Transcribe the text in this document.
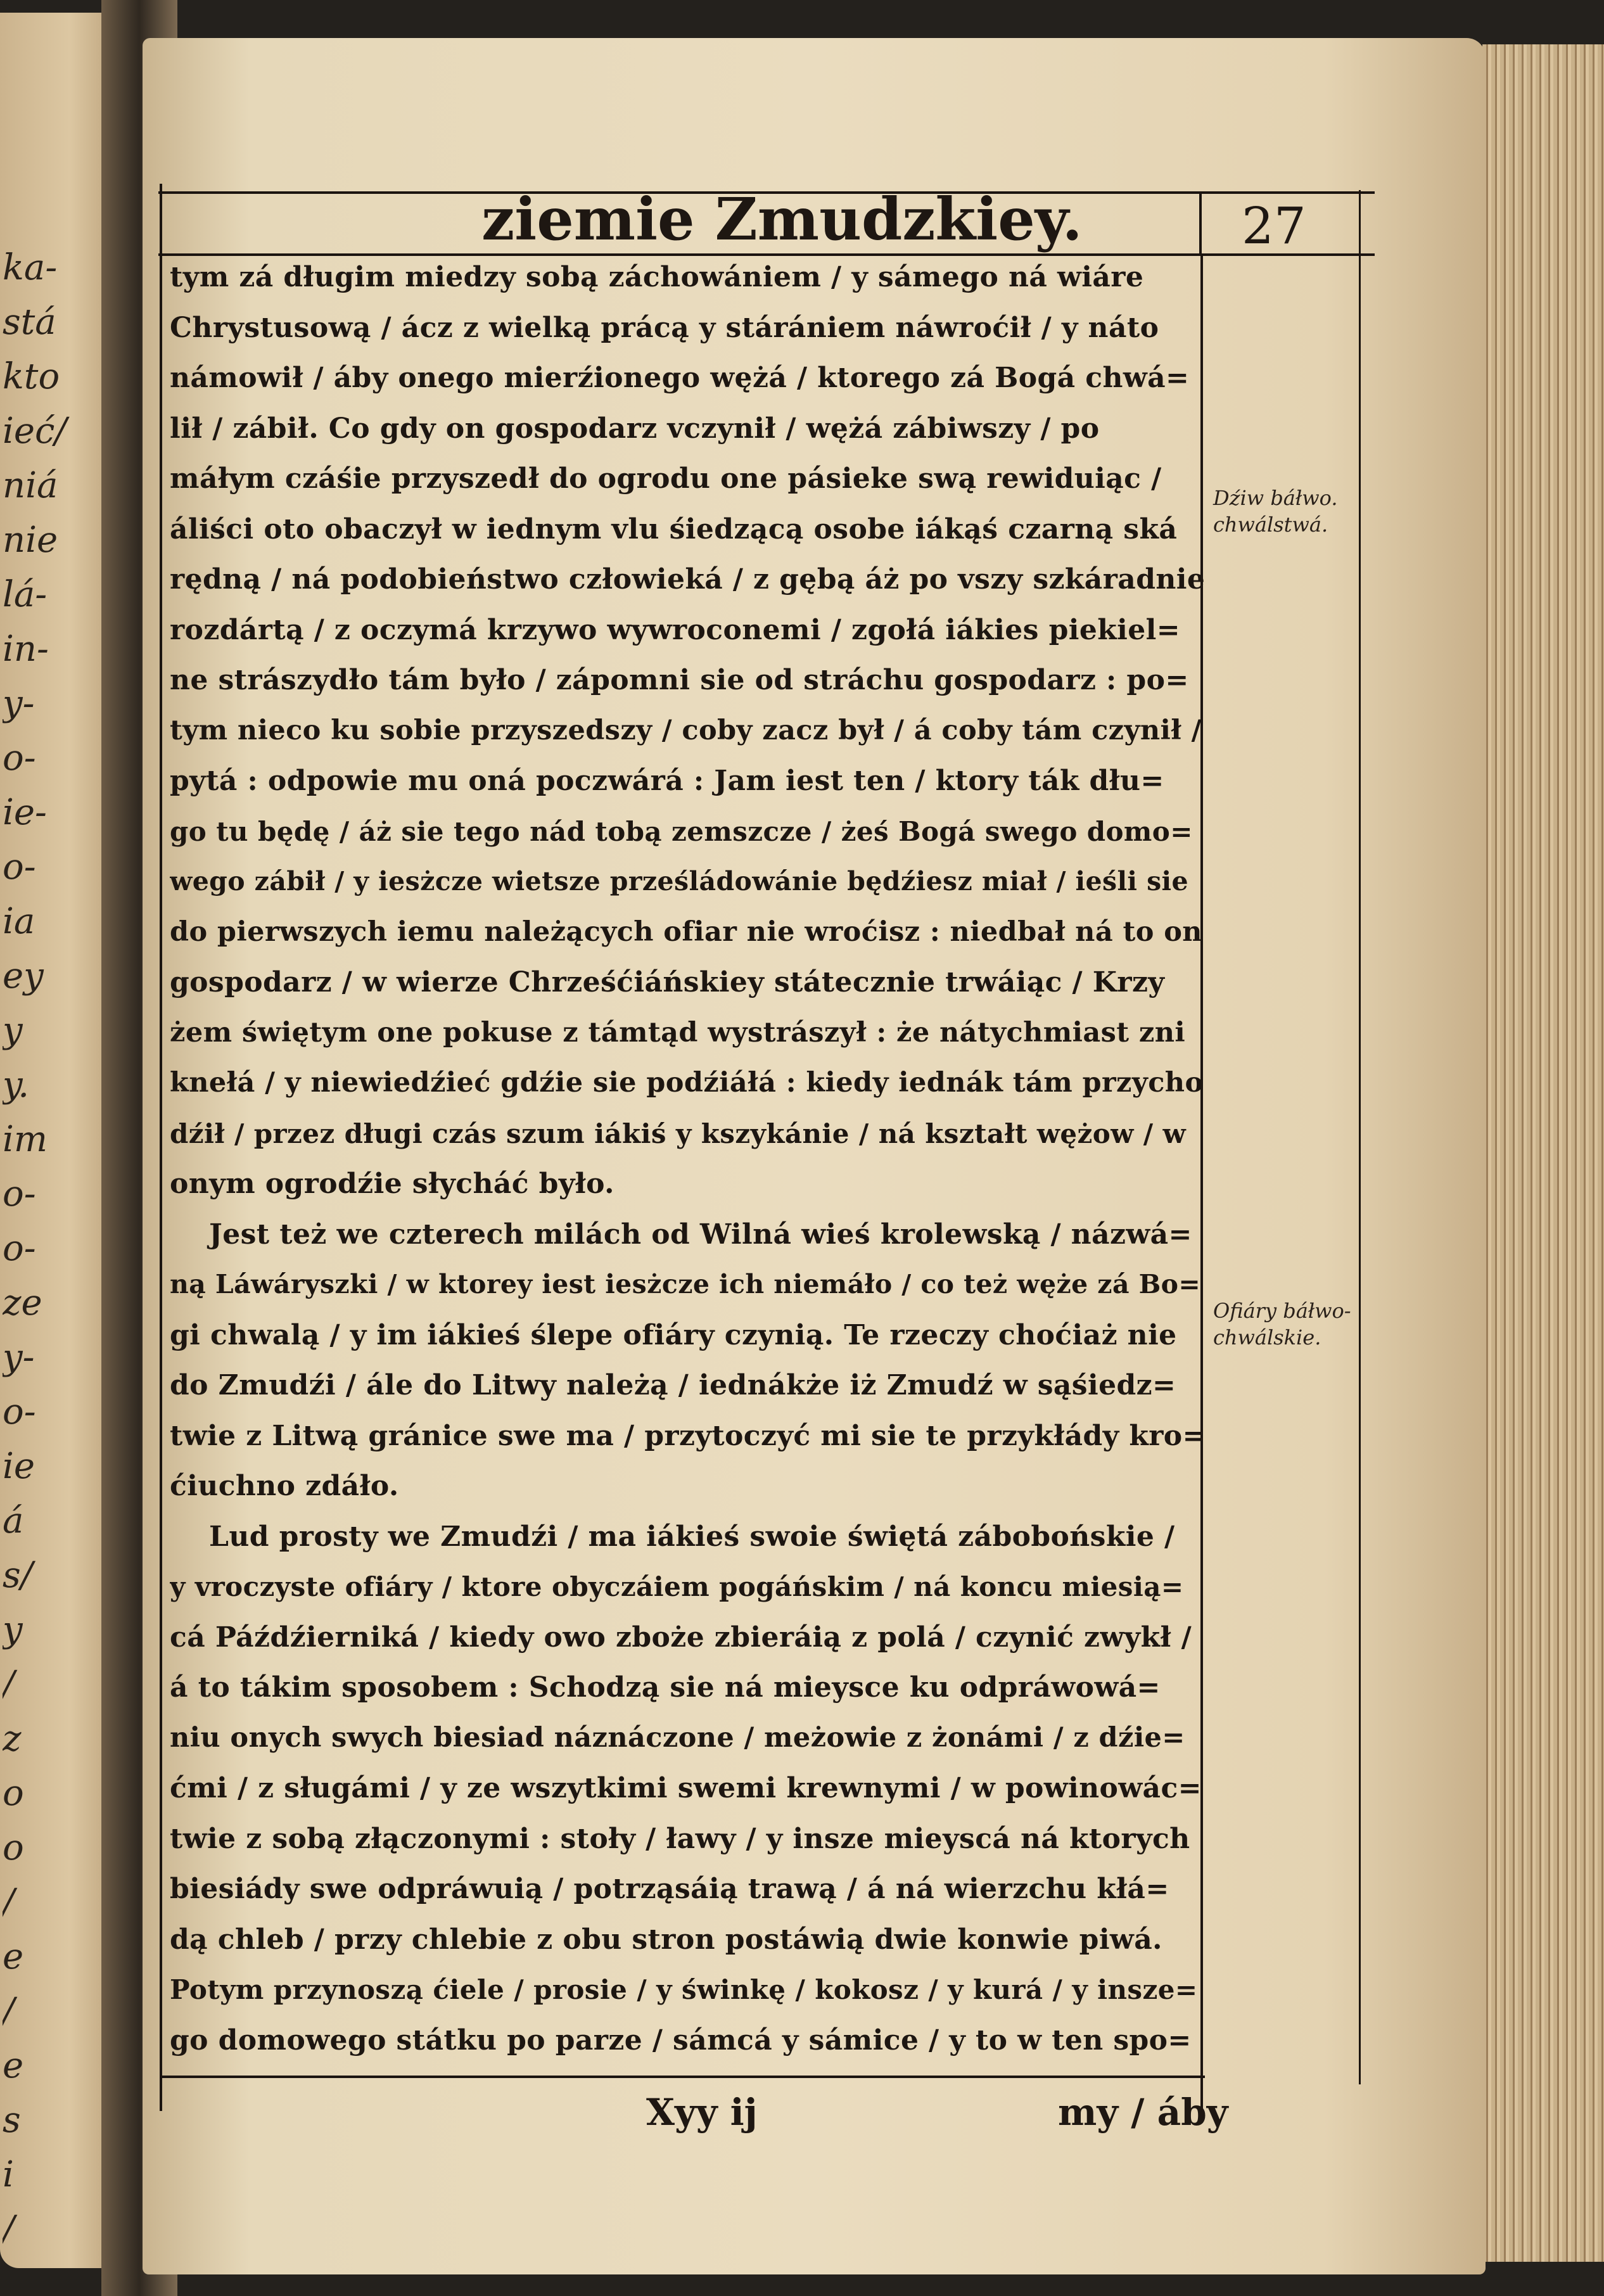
ka-
stá
kto
ieć/
niá
nie
lá-
in-
y-
o-
ie-
o-
ia
ey
y
y.
im
o-
o-
ze
y-
o-
ie
á
s/
y
/
z
o
o
/
e
/
e
s
i
/
ziemie Zmudzkiey.	27
tym zá długim miedzy sobą záchowániem / y sámego ná wiáre
Chrystusową / ácz z wielką prácą y stárániem náwroćił / y náto
námowił / áby onego mierźionego wężá / ktorego zá Bogá chwá=
lił / zábił. Co gdy on gospodarz vczynił / wężá zábiwszy / po
máłym czáśie przyszedł do ogrodu one pásieke swą rewiduiąc /
áliści oto obaczył w iednym vlu śiedzącą osobe iákąś czarną ská
rędną / ná podobieństwo człowieká / z gębą áż po vszy szkáradnie
rozdártą / z oczymá krzywo wywroconemi / zgołá iákies piekiel=
ne strászydło tám było / zápomni sie od stráchu gospodarz : po=
tym nieco ku sobie przyszedszy / coby zacz był / á coby tám czynił /
pytá : odpowie mu oná poczwárá : Jam iest ten / ktory ták dłu=
go tu będę / áż sie tego nád tobą zemszcze / żeś Bogá swego domo=
wego zábił / y iesżcze wietsze prześládowánie będźiesz miał / ieśli sie
do pierwszych iemu należących ofiar nie wroćisz : niedbał ná to on
gospodarz / w wierze Chrześćiáńskiey státecznie trwáiąc / Krzy
żem świętym one pokuse z támtąd wystrászył : że nátychmiast zni
knełá / y niewiedźieć gdźie sie podźiáłá : kiedy iednák tám przycho
dźił / przez długi czás szum iákiś y kszykánie / ná kształt wężow / w
onym ogrodźie słycháć było.
Jest też we czterech milách od Wilná wieś krolewską / názwá=
ną Láwáryszki / w ktorey iest iesżcze ich niemáło / co też węże zá Bo=
gi chwalą / y im iákieś ślepe ofiáry czynią. Te rzeczy choćiaż nie
do Zmudźi / ále do Litwy należą / iednákże iż Zmudź w sąśiedz=
twie z Litwą gránice swe ma / przytoczyć mi sie te przykłády kro=
ćiuchno zdáło.
Lud prosty we Zmudźi / ma iákieś swoie świętá zábobońskie /
y vroczyste ofiáry / ktore obyczáiem pogáńskim / ná koncu miesią=
cá Páźdźierniká / kiedy owo zboże zbieráią z polá / czynić zwykł /
á to tákim sposobem : Schodzą sie ná mieysce ku odpráwowá=
niu onych swych biesiad náznáczone / meżowie z żonámi / z dźie=
ćmi / z sługámi / y ze wszytkimi swemi krewnymi / w powinowác=
twie z sobą złączonymi : stoły / ławy / y insze mieyscá ná ktorych
biesiády swe odpráwuią / potrząsáią trawą / á ná wierzchu kłá=
dą chleb / przy chlebie z obu stron postáwią dwie konwie piwá.
Potym przynoszą ćiele / prosie / y świnkę / kokosz / y kurá / y insze=
go domowego státku po parze / sámcá y sámice / y to w ten spo=
Dźiw báłwo.
chwálstwá.
Ofiáry báłwo-
chwálskie.
Xyy ij	my / áby
